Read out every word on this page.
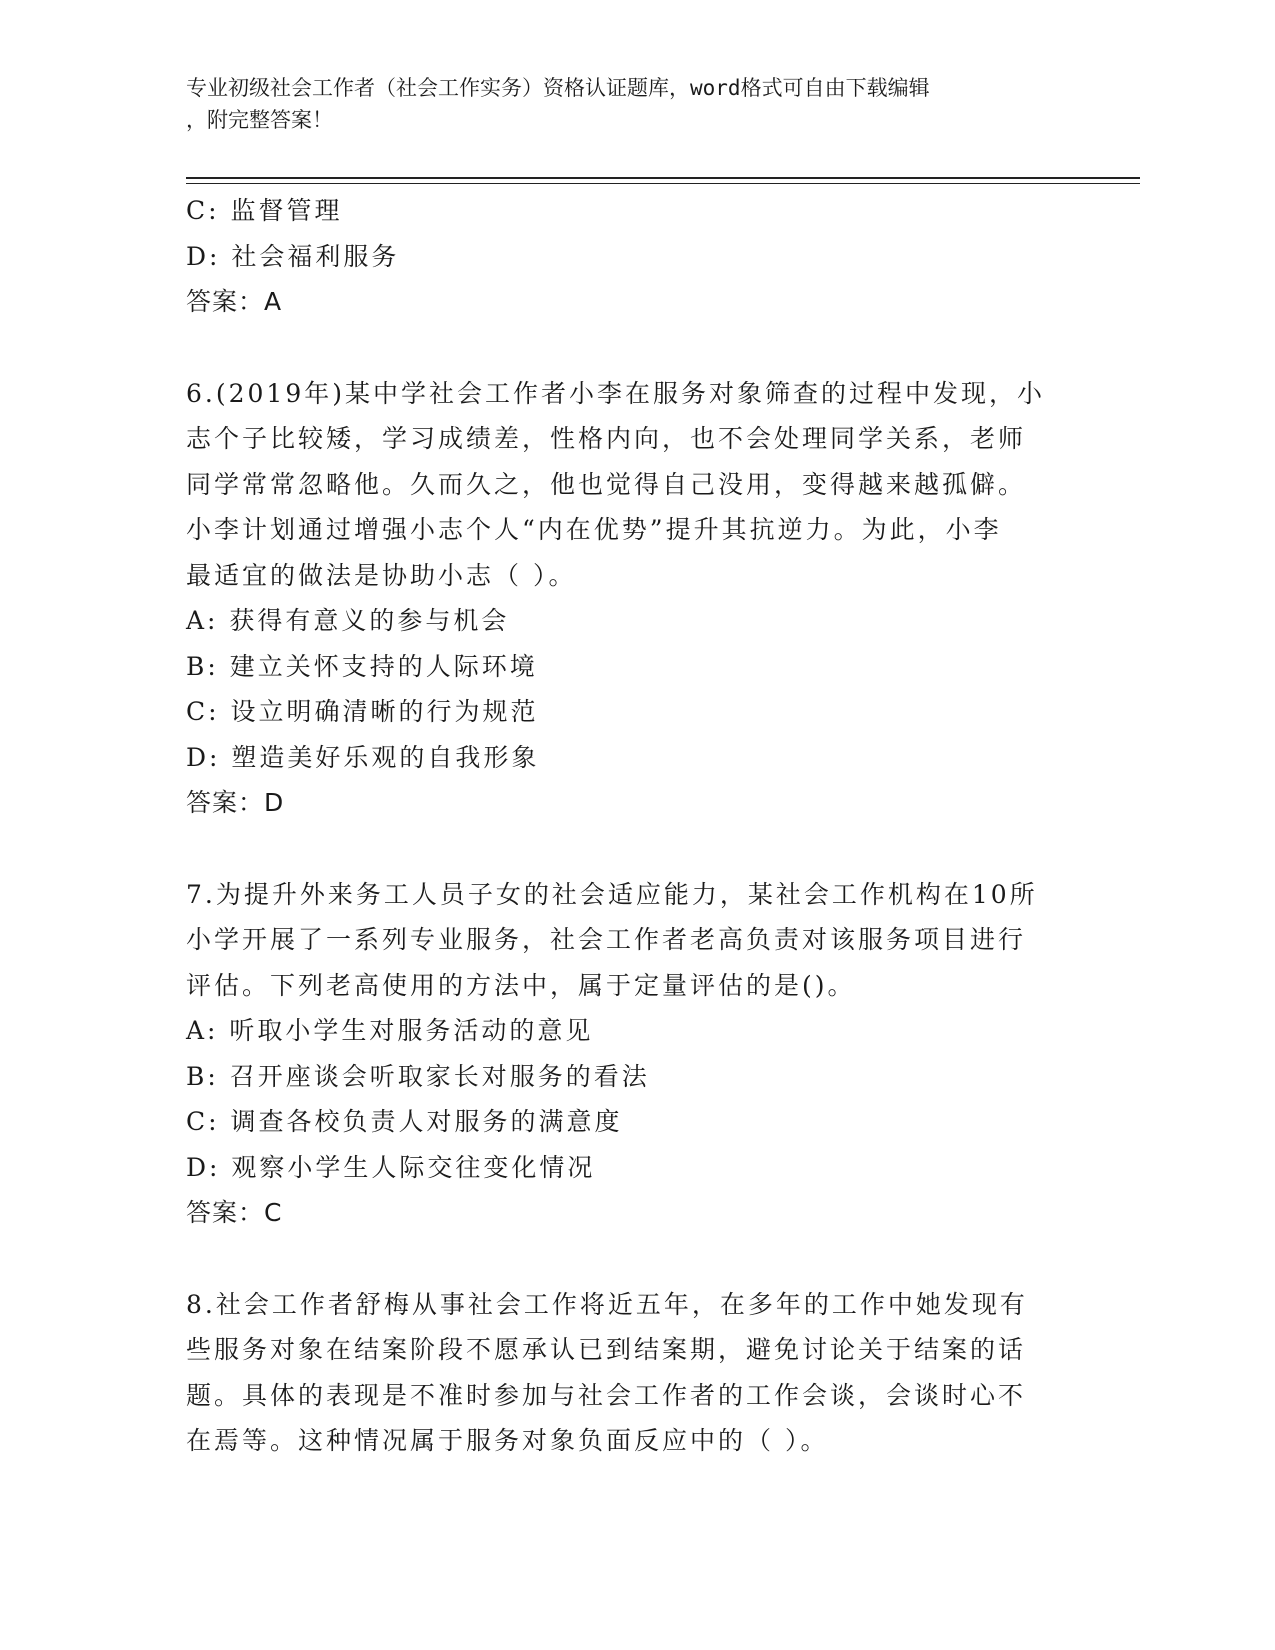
专业初级社会工作者（社会工作实务）资格认证题库，word格式可自由下载编辑
，附完整答案！
C: 监督管理
D: 社会福利服务
答案：A
6.(2019年)某中学社会工作者小李在服务对象筛查的过程中发现，小
志个子比较矮，学习成绩差，性格内向，也不会处理同学关系，老师
同学常常忽略他。久而久之，他也觉得自己没用，变得越来越孤僻。
小李计划通过增强小志个人“内在优势”提升其抗逆力。为此，小李
最适宜的做法是协助小志（ ）。
A: 获得有意义的参与机会
B: 建立关怀支持的人际环境
C: 设立明确清晰的行为规范
D: 塑造美好乐观的自我形象
答案：D
7.为提升外来务工人员子女的社会适应能力，某社会工作机构在10所
小学开展了一系列专业服务，社会工作者老高负责对该服务项目进行
评估。下列老高使用的方法中，属于定量评估的是()。
A: 听取小学生对服务活动的意见
B: 召开座谈会听取家长对服务的看法
C: 调查各校负责人对服务的满意度
D: 观察小学生人际交往变化情况
答案：C
8.社会工作者舒梅从事社会工作将近五年，在多年的工作中她发现有
些服务对象在结案阶段不愿承认已到结案期，避免讨论关于结案的话
题。具体的表现是不准时参加与社会工作者的工作会谈，会谈时心不
在焉等。这种情况属于服务对象负面反应中的（ ）。
